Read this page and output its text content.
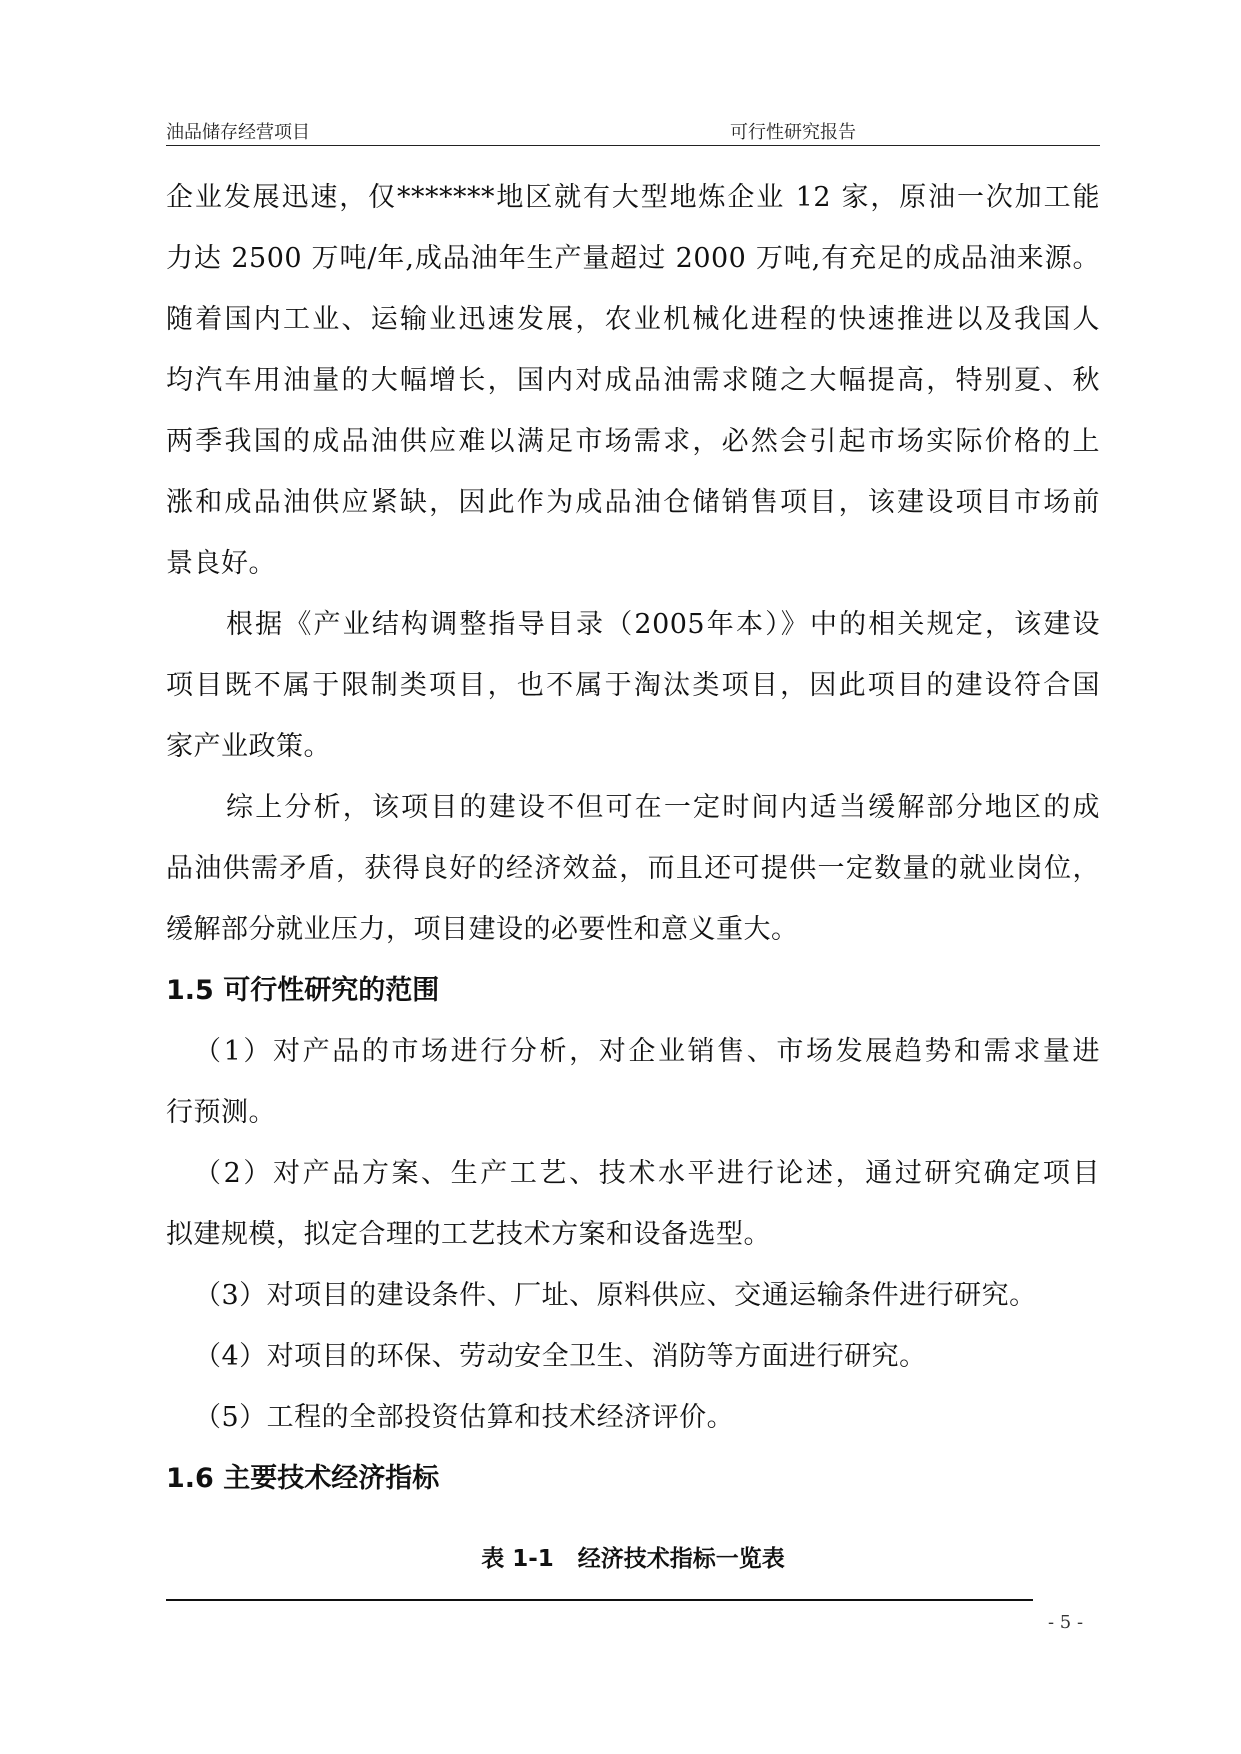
油品储存经营项目	可行性研究报告
企业发展迅速，仅*******地区就有大型地炼企业 12 家，原油一次加工能
力达 2500 万吨/年,成品油年生产量超过 2000 万吨,有充足的成品油来源。
随着国内工业、运输业迅速发展，农业机械化进程的快速推进以及我国人
均汽车用油量的大幅增长，国内对成品油需求随之大幅提高，特别夏、秋
两季我国的成品油供应难以满足市场需求，必然会引起市场实际价格的上
涨和成品油供应紧缺，因此作为成品油仓储销售项目，该建设项目市场前
景良好。
根据《产业结构调整指导目录（2005年本）》中的相关规定，该建设
项目既不属于限制类项目，也不属于淘汰类项目，因此项目的建设符合国
家产业政策。
综上分析，该项目的建设不但可在一定时间内适当缓解部分地区的成
品油供需矛盾，获得良好的经济效益，而且还可提供一定数量的就业岗位，
缓解部分就业压力，项目建设的必要性和意义重大。
1.5 可行性研究的范围
（1）对产品的市场进行分析，对企业销售、市场发展趋势和需求量进
行预测。
（2）对产品方案、生产工艺、技术水平进行论述，通过研究确定项目
拟建规模，拟定合理的工艺技术方案和设备选型。
（3）对项目的建设条件、厂址、原料供应、交通运输条件进行研究。
（4）对项目的环保、劳动安全卫生、消防等方面进行研究。
（5）工程的全部投资估算和技术经济评价。
1.6 主要技术经济指标
表 1-1   经济技术指标一览表
- 5 -
